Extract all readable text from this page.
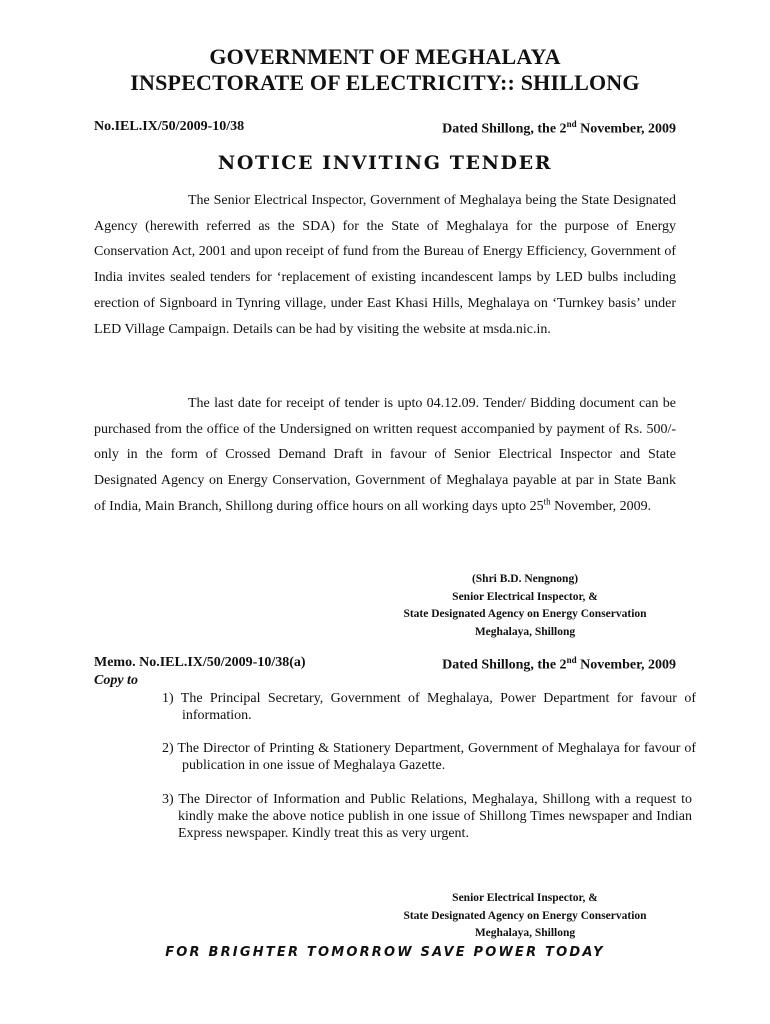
GOVERNMENT OF MEGHALAYA
INSPECTORATE OF ELECTRICITY:: SHILLONG
No.IEL.IX/50/2009-10/38	Dated Shillong, the 2nd November, 2009
NOTICE INVITING TENDER

The Senior Electrical Inspector, Government of Meghalaya being the State Designated Agency (herewith referred as the SDA) for the State of Meghalaya for the purpose of Energy Conservation Act, 2001 and upon receipt of fund from the Bureau of Energy Efficiency, Government of India invites sealed tenders for ‘replacement of existing incandescent lamps by LED bulbs including erection of Signboard in Tynring village, under East Khasi Hills, Meghalaya on ‘Turnkey basis’ under LED Village Campaign. Details can be had by visiting the website at msda.nic.in.

The last date for receipt of tender is upto 04.12.09. Tender/ Bidding document can be purchased from the office of the Undersigned on written request accompanied by payment of Rs. 500/- only in the form of Crossed Demand Draft in favour of Senior Electrical Inspector and State Designated Agency on Energy Conservation, Government of Meghalaya payable at par in State Bank of India, Main Branch, Shillong during office hours on all working days upto 25th November, 2009.

(Shri B.D. Nengnong)
Senior Electrical Inspector, &
State Designated Agency on Energy Conservation
Meghalaya, Shillong
Memo. No.IEL.IX/50/2009-10/38(a)	Dated Shillong, the 2nd November, 2009
Copy to

1) The Principal Secretary, Government of Meghalaya, Power Department for favour of information.

2) The Director of Printing & Stationery Department, Government of Meghalaya for favour of publication in one issue of Meghalaya Gazette.

3) The Director of Information and Public Relations, Meghalaya, Shillong with a request to kindly make the above notice publish in one issue of Shillong Times newspaper and Indian Express newspaper. Kindly treat this as very urgent.

Senior Electrical Inspector, &
State Designated Agency on Energy Conservation
Meghalaya, Shillong
FOR BRIGHTER TOMORROW SAVE POWER TODAY
